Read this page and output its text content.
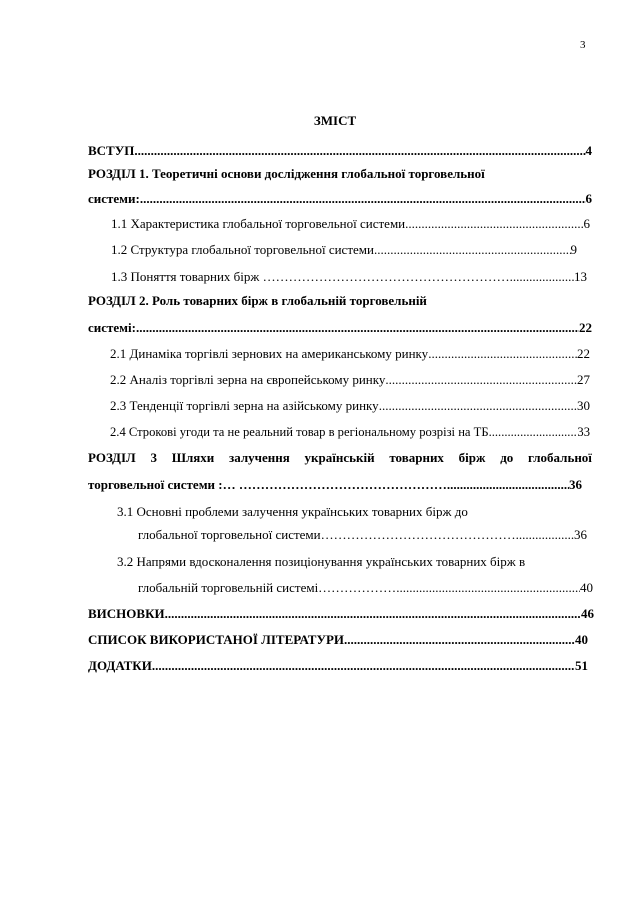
3
ЗМІСТ
ВСТУП .....	4
РОЗДІЛ 1. Теоретичні основи дослідження глобальної торговельної
системи: .....	6
1.1 Характеристика глобальної торговельної системи .....	6
1.2 Структура глобальної торговельної системи .....	9
1.3 Поняття товарних бірж ………………………………………………… .....	13
РОЗДІЛ 2. Роль товарних бірж в глобальній торговельній
системі: .....	22
2.1 Динаміка торгівлі зернових на американському ринку .....	22
2.2 Аналіз торгівлі зерна на європейському ринку .....	27
2.3 Тенденції торгівлі зерна на азійському ринку .....	30
2.4 Строкові угоди та не реальний товар в регіональному розрізі на ТБ .....	33
РОЗДІЛ 3 Шляхи залучення українській товарних бірж до глобальної
торговельної системи :… ………………………………………… .....	36
3.1 Основні проблеми залучення українських товарних бірж до
глобальної торговельної системи………………………………………. .....	36
3.2 Напрями вдосконалення позиціонування українських товарних бірж в
глобальній торговельній системі……………… .....	40
ВИСНОВКИ .....	46
СПИСОК ВИКОРИСТАНОЇ ЛІТЕРАТУРИ .....	40
ДОДАТКИ .....	51
